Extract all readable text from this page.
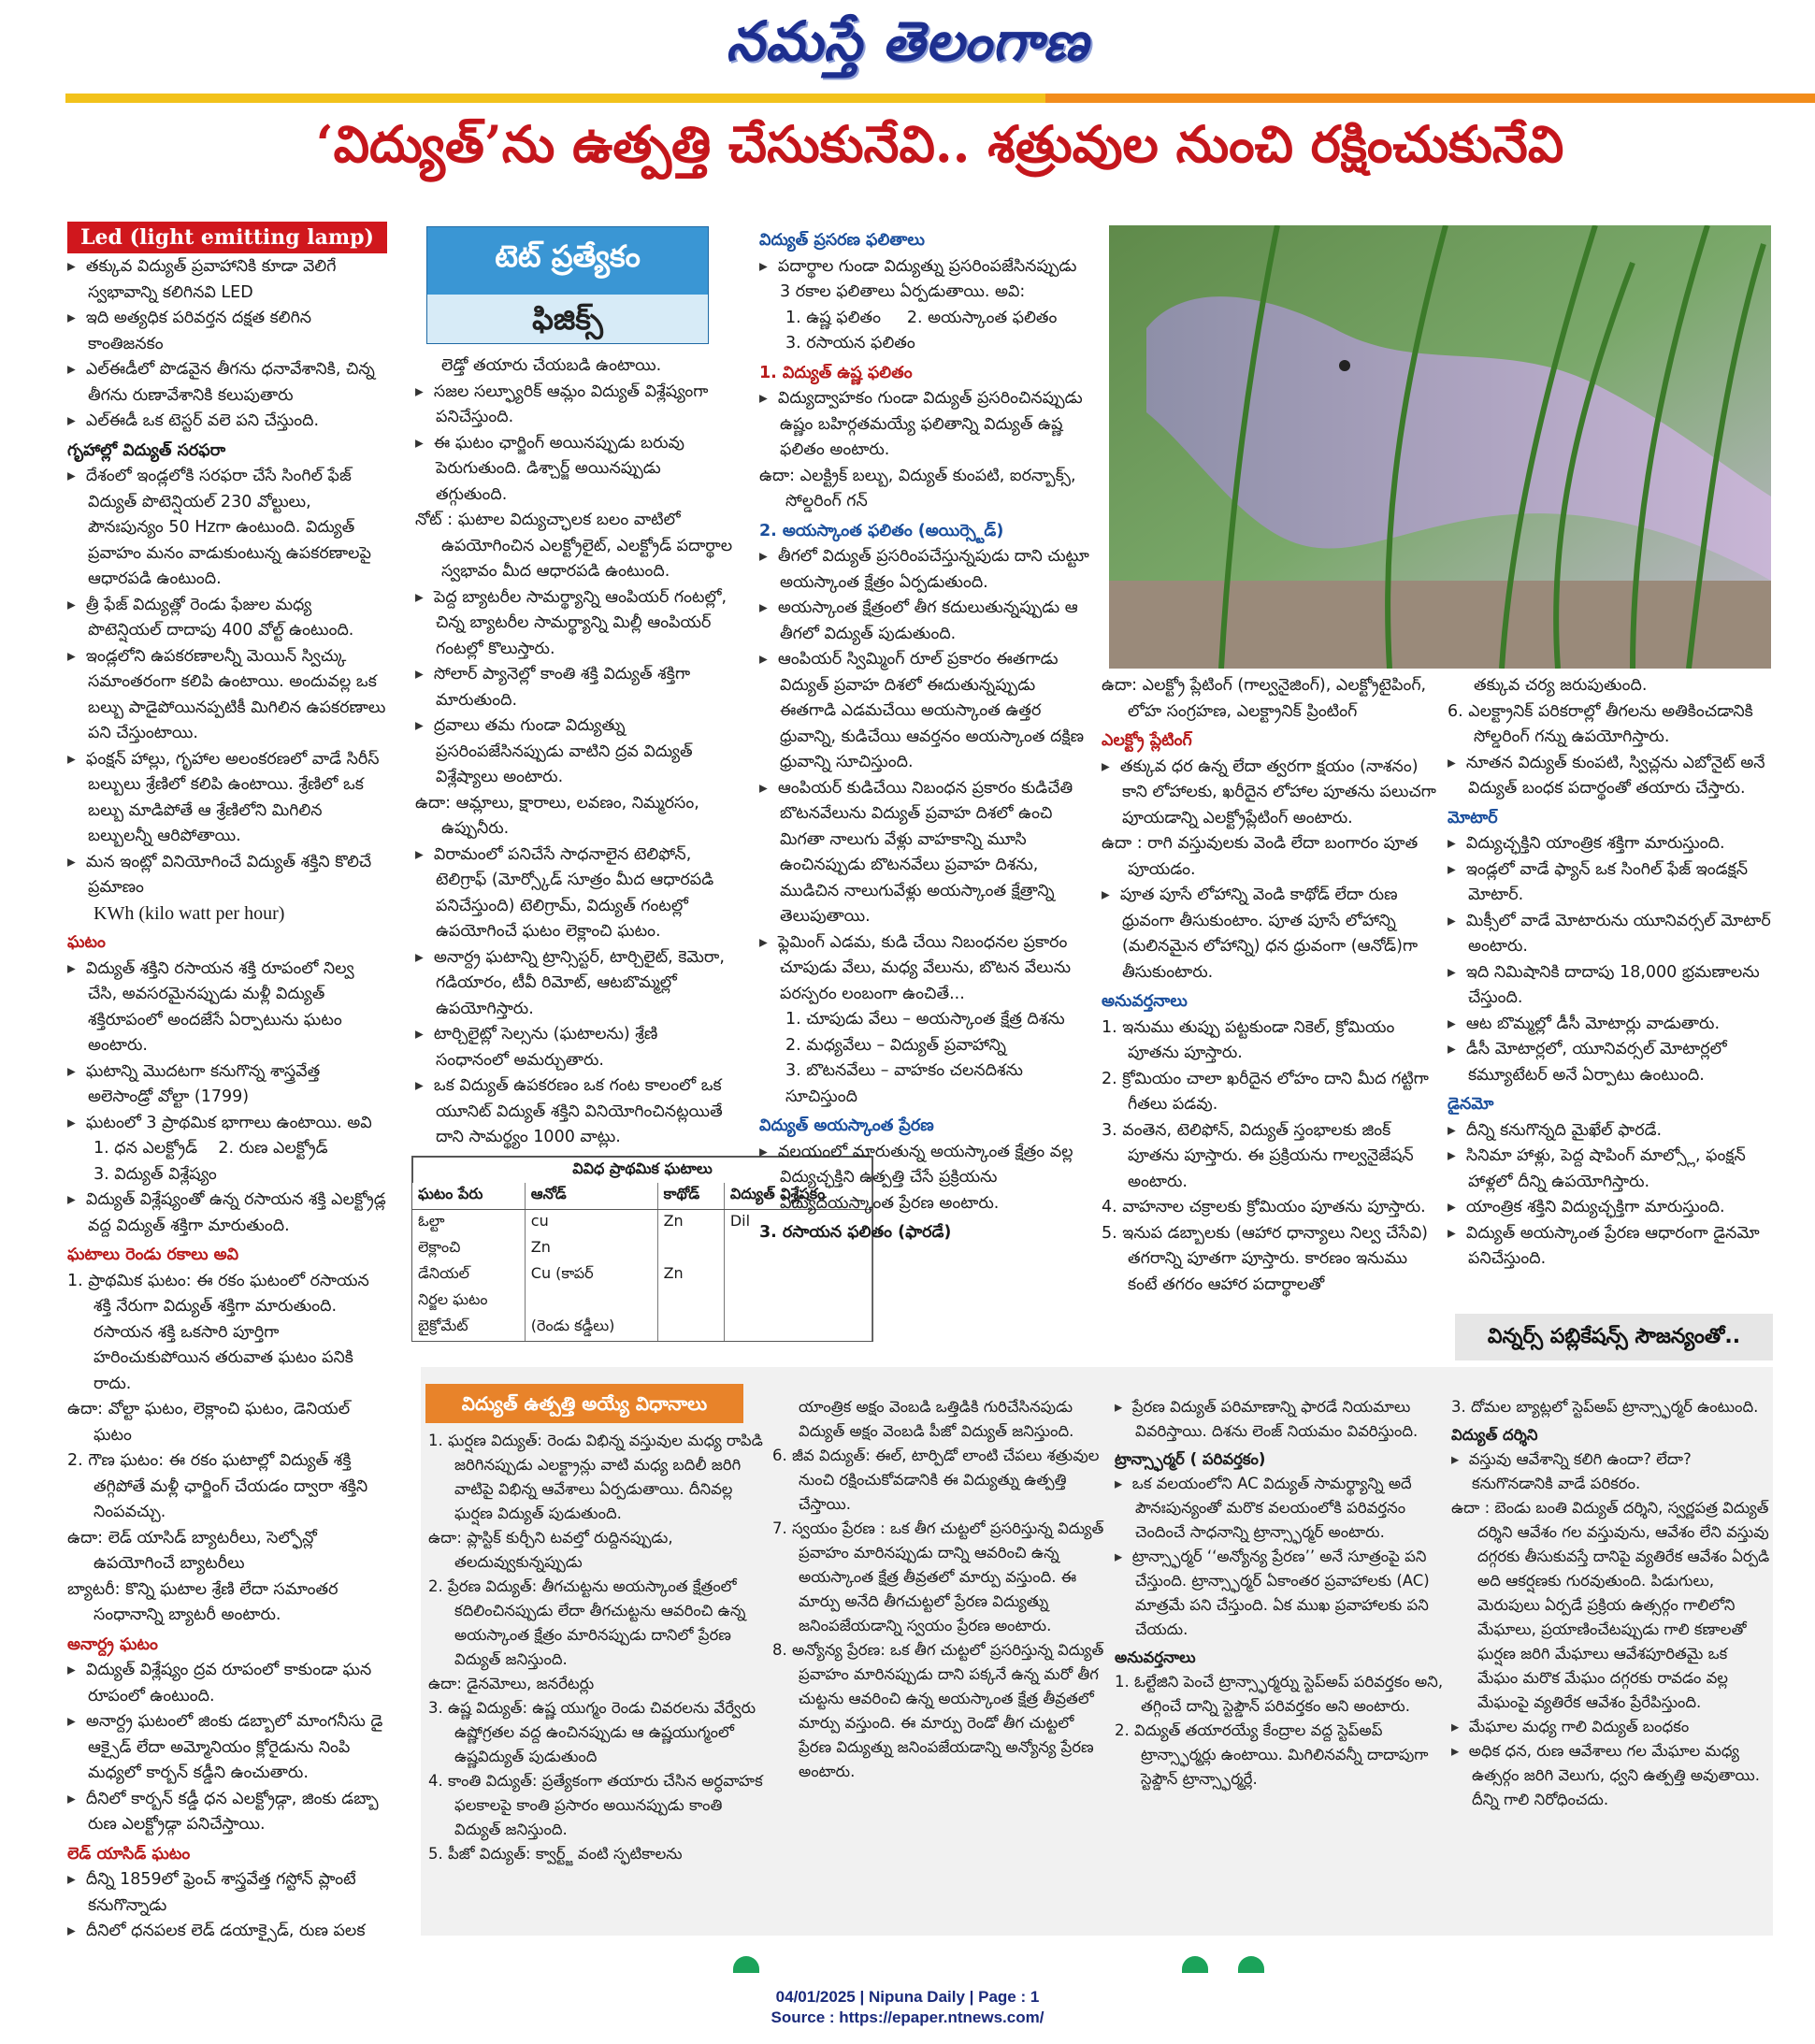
నమస్తే తెలంగాణ
‘విద్యుత్’ను ఉత్పత్తి చేసుకునేవి.. శత్రువుల నుంచి రక్షించుకునేవి
Led (light emitting lamp)
▸  తక్కువ విద్యుత్ ప్రవాహానికి కూడా వెలిగే స్వభావాన్ని కలిగినవి LED
▸  ఇది అత్యధిక పరివర్తన దక్షత కలిగిన కాంతిజనకం
▸  ఎల్ఈడీలో పొడవైన తీగను ధనావేశానికి, చిన్న తీగను రుణావేశానికి కలుపుతారు
▸  ఎల్ఈడీ ఒక టెస్టర్ వలె పని చేస్తుంది.
గృహాల్లో విద్యుత్ సరఫరా
▸  దేశంలో ఇండ్లలోకి సరఫరా చేసే సింగిల్ ఫేజ్ విద్యుత్ పొటెన్షియల్ 230 వోల్టులు, పౌనఃపున్యం 50 Hzగా ఉంటుంది. విద్యుత్ ప్రవాహం మనం వాడుకుంటున్న ఉపకరణాలపై ఆధారపడి ఉంటుంది.
▸  త్రీ ఫేజ్ విద్యుత్లో రెండు ఫేజుల మధ్య పొటెన్షియల్ దాదాపు 400 వోల్ట్ ఉంటుంది.
▸  ఇండ్లలోని ఉపకరణాలన్నీ మెయిన్ స్విచ్కు సమాంతరంగా కలిపి ఉంటాయి. అందువల్ల ఒక బల్బు పాడైపోయినప్పటికీ మిగిలిన ఉపకరణాలు పని చేస్తుంటాయి.
▸  ఫంక్షన్ హాల్లు, గృహాల అలంకరణలో వాడే సిరీస్ బల్బులు శ్రేణిలో కలిపి ఉంటాయి. శ్రేణిలో ఒక బల్బు మాడిపోతే ఆ శ్రేణిలోని మిగిలిన బల్బులన్నీ ఆరిపోతాయి.
▸  మన ఇంట్లో వినియోగించే విద్యుత్ శక్తిని కొలిచే ప్రమాణం
KWh (kilo watt per hour)
ఘటం
▸  విద్యుత్ శక్తిని రసాయన శక్తి రూపంలో నిల్వ చేసి, అవసరమైనప్పుడు మళ్లీ విద్యుత్ శక్తిరూపంలో అందజేసే ఏర్పాటును ఘటం అంటారు.
▸  ఘటాన్ని మొదటగా కనుగొన్న శాస్త్రవేత్త అలెసాండ్రో వోల్టా (1799)
▸  ఘటంలో 3 ప్రాథమిక భాగాలు ఉంటాయి. అవి
1. ధన ఎలక్ట్రోడ్ 2. రుణ ఎలక్ట్రోడ్
3. విద్యుత్ విశ్లేష్యం
▸  విద్యుత్ విశ్లేష్యంతో ఉన్న రసాయన శక్తి ఎలక్ట్రోడ్ల వద్ద విద్యుత్ శక్తిగా మారుతుంది.
ఘటాలు రెండు రకాలు అవి
1. ప్రాథమిక ఘటం: ఈ రకం ఘటంలో రసాయన శక్తి నేరుగా విద్యుత్ శక్తిగా మారుతుంది. రసాయన శక్తి ఒకసారి పూర్తిగా హరించుకుపోయిన తరువాత ఘటం పనికి రాదు.
ఉదా: వోల్టా ఘటం, లెక్లాంచి ఘటం, డెనియల్ ఘటం
2. గౌణ ఘటం: ఈ రకం ఘటాల్లో విద్యుత్ శక్తి తగ్గిపోతే మళ్లీ ఛార్జింగ్ చేయడం ద్వారా శక్తిని నింపవచ్చు.
ఉదా: లెడ్ యాసిడ్ బ్యాటరీలు, సెల్ఫోన్లో ఉపయోగించే బ్యాటరీలు
బ్యాటరీ: కొన్ని ఘటాల శ్రేణి లేదా సమాంతర సంధానాన్ని బ్యాటరీ అంటారు.
అనార్ద్ర ఘటం
▸  విద్యుత్ విశ్లేష్యం ద్రవ రూపంలో కాకుండా ఘన రూపంలో ఉంటుంది.
▸  అనార్ద్ర ఘటంలో జింకు డబ్బాలో మాంగనీసు డై ఆక్సైడ్ లేదా అమ్మోనియం క్లోరైడును నింపి మధ్యలో కార్బన్ కడ్డీని ఉంచుతారు.
▸  దీనిలో కార్బన్ కడ్డీ ధన ఎలక్ట్రోడ్గా, జింకు డబ్బా రుణ ఎలక్ట్రోడ్గా పనిచేస్తాయి.
లెడ్ యాసిడ్ ఘటం
▸  దీన్ని 1859లో ఫ్రెంచ్ శాస్త్రవేత్త గస్టోన్ ప్లాంటే కనుగొన్నాడు
▸  దీనిలో ధనపలక లెడ్ డయాక్సైడ్, రుణ పలక
టెట్ ప్రత్యేకం
ఫిజిక్స్
లెడ్తో తయారు చేయబడి ఉంటాయి.
▸  సజల సల్ఫ్యూరిక్ ఆమ్లం విద్యుత్ విశ్లేష్యంగా పనిచేస్తుంది.
▸  ఈ ఘటం ఛార్జింగ్ అయినప్పుడు బరువు పెరుగుతుంది. డిశ్చార్జ్ అయినప్పుడు తగ్గుతుంది.
నోట్ : ఘటాల విద్యుచ్ఛాలక బలం వాటిలో ఉపయోగించిన ఎలక్ట్రోలైట్, ఎలక్ట్రోడ్ పదార్థాల స్వభావం మీద ఆధారపడి ఉంటుంది.
▸  పెద్ద బ్యాటరీల సామర్థ్యాన్ని ఆంపియర్ గంటల్లో, చిన్న బ్యాటరీల సామర్థ్యాన్ని మిల్లీ ఆంపియర్ గంటల్లో కొలుస్తారు.
▸  సోలార్ ప్యానెల్లో కాంతి శక్తి విద్యుత్ శక్తిగా మారుతుంది.
▸  ద్రవాలు తమ గుండా విద్యుత్ను ప్రసరింపజేసినప్పుడు వాటిని ద్రవ విద్యుత్ విశ్లేష్యాలు అంటారు.
ఉదా: ఆమ్లాలు, క్షారాలు, లవణం, నిమ్మరసం, ఉప్పునీరు.
▸  విరామంలో పనిచేసే సాధనాలైన టెలిఫోన్, టెలిగ్రాఫ్ (మోర్స్కోడ్ సూత్రం మీద ఆధారపడి పనిచేస్తుంది) టెలిగ్రామ్, విద్యుత్ గంటల్లో ఉపయోగించే ఘటం లెక్లాంచి ఘటం.
▸  అనార్ద్ర ఘటాన్ని ట్రాన్సిస్టర్, టార్చిలైట్, కెమెరా, గడియారం, టీవీ రిమోట్, ఆటబొమ్మల్లో ఉపయోగిస్తారు.
▸  టార్చిలైట్లో సెల్సను (ఘటాలను) శ్రేణి సంధానంలో అమర్చుతారు.
▸  ఒక విద్యుత్ ఉపకరణం ఒక గంట కాలంలో ఒక యూనిట్ విద్యుత్ శక్తిని వినియోగించినట్లయితే దాని సామర్థ్యం 1000 వాట్లు.
వివిధ ప్రాథమిక ఘటాలు
ఘటం పేరు	ఆనోడ్	కాథోడ్	విద్యుత్ విశ్లేషకం
ఓల్టా	cu	Zn	Dil
లెక్లాంచి	Zn		
డేనియల్	Cu (కాపర్	Zn	
నిర్జల ఘటం			
బైక్రోమేట్	(రెండు కడ్డీలు)		
విద్యుత్ ప్రసరణ ఫలితాలు
▸  పదార్థాల గుండా విద్యుత్ను ప్రసరింపజేసినప్పుడు 3 రకాల ఫలితాలు ఏర్పడుతాయి. అవి:
1. ఉష్ణ ఫలితం 2. అయస్కాంత ఫలితం
3. రసాయన ఫలితం
1. విద్యుత్ ఉష్ణ ఫలితం
▸  విద్యుద్వాహకం గుండా విద్యుత్ ప్రసరించినప్పుడు ఉష్ణం బహిర్గతమయ్యే ఫలితాన్ని విద్యుత్ ఉష్ణ ఫలితం అంటారు.
ఉదా: ఎలక్ట్రిక్ బల్బు, విద్యుత్ కుంపటి, ఐరన్బాక్స్, సోల్డరింగ్ గన్
2. అయస్కాంత ఫలితం (అయిర్స్టెడ్)
▸  తీగలో విద్యుత్ ప్రసరింపచేస్తున్నపుడు దాని చుట్టూ అయస్కాంత క్షేత్రం ఏర్పడుతుంది.
▸  అయస్కాంత క్షేత్రంలో తీగ కదులుతున్నప్పుడు ఆ తీగలో విద్యుత్ పుడుతుంది.
▸  ఆంపియర్ స్విమ్మింగ్ రూల్ ప్రకారం ఈతగాడు విద్యుత్ ప్రవాహ దిశలో ఈదుతున్నప్పుడు ఈతగాడి ఎడమచేయి అయస్కాంత ఉత్తర ధ్రువాన్ని, కుడిచేయి ఆవర్తనం అయస్కాంత దక్షిణ ధ్రువాన్ని సూచిస్తుంది.
▸  ఆంపియర్ కుడిచేయి నిబంధన ప్రకారం కుడిచేతి బొటనవేలును విద్యుత్ ప్రవాహ దిశలో ఉంచి మిగతా నాలుగు వేళ్లు వాహకాన్ని మూసి ఉంచినప్పుడు బొటనవేలు ప్రవాహ దిశను, ముడిచిన నాలుగువేళ్లు అయస్కాంత క్షేత్రాన్ని తెలుపుతాయి.
▸  ఫ్లెమింగ్ ఎడమ, కుడి చేయి నిబంధనల ప్రకారం చూపుడు వేలు, మధ్య వేలును, బొటన వేలును పరస్పరం లంబంగా ఉంచితే...
1. చూపుడు వేలు – అయస్కాంత క్షేత్ర దిశను
2. మధ్యవేలు – విద్యుత్ ప్రవాహాన్ని
3. బొటనవేలు – వాహకం చలనదిశను సూచిస్తుంది
విద్యుత్ అయస్కాంత ప్రేరణ
▸  వలయంలో మారుతున్న అయస్కాంత క్షేత్రం వల్ల విద్యుచ్ఛక్తిని ఉత్పత్తి చేసే ప్రక్రియను విద్యుదయస్కాంత ప్రేరణ అంటారు.
3. రసాయన ఫలితం (ఫారడే)
ఉదా: ఎలక్ట్రో ప్లేటింగ్ (గాల్వనైజింగ్), ఎలక్ట్రోటైపింగ్, లోహ సంగ్రహణ, ఎలక్ట్రానిక్ ప్రింటింగ్
ఎలక్ట్రో ప్లేటింగ్
▸  తక్కువ ధర ఉన్న లేదా త్వరగా క్షయం (నాశనం) కాని లోహాలకు, ఖరీదైన లోహాల పూతను పలుచగా పూయడాన్ని ఎలక్ట్రోప్లేటింగ్ అంటారు.
ఉదా : రాగి వస్తువులకు వెండి లేదా బంగారం పూత పూయడం.
▸  పూత పూసే లోహాన్ని వెండి కాథోడ్ లేదా రుణ ధ్రువంగా తీసుకుంటాం. పూత పూసే లోహాన్ని (మలినమైన లోహాన్ని) ధన ధ్రువంగా (ఆనోడ్)గా తీసుకుంటారు.
అనువర్తనాలు
1. ఇనుము తుప్పు పట్టకుండా నికెల్, క్రోమియం పూతను పూస్తారు.
2. క్రోమియం చాలా ఖరీదైన లోహం దాని మీద గట్టిగా గీతలు పడవు.
3. వంతెన, టెలిఫోన్, విద్యుత్ స్తంభాలకు జింక్ పూతను పూస్తారు. ఈ ప్రక్రియను గాల్వనైజేషన్ అంటారు.
4. వాహనాల చక్రాలకు క్రోమియం పూతను పూస్తారు.
5. ఇనుప డబ్బాలకు (ఆహార ధాన్యాలు నిల్వ చేసేవి) తగరాన్ని పూతగా పూస్తారు. కారణం ఇనుము కంటే తగరం ఆహార పదార్థాలతో
తక్కువ చర్య జరుపుతుంది.
6. ఎలక్ట్రానిక్ పరికరాల్లో తీగలను అతికించడానికి సోల్డరింగ్ గన్ను ఉపయోగిస్తారు.
▸  నూతన విద్యుత్ కుంపటి, స్విచ్లను ఎబోనైట్ అనే విద్యుత్ బంధక పదార్థంతో తయారు చేస్తారు.
మోటార్
▸  విద్యుచ్ఛక్తిని యాంత్రిక శక్తిగా మారుస్తుంది.
▸  ఇండ్లలో వాడే ఫ్యాన్ ఒక సింగిల్ ఫేజ్ ఇండక్షన్ మోటార్.
▸  మిక్సీలో వాడే మోటారును యూనివర్సల్ మోటార్ అంటారు.
▸  ఇది నిమిషానికి దాదాపు 18,000 భ్రమణాలను చేస్తుంది.
▸  ఆట బొమ్మల్లో డీసీ మోటార్లు వాడుతారు.
▸  డీసీ మోటార్లలో, యూనివర్సల్ మోటార్లలో కమ్యూటేటర్ అనే ఏర్పాటు ఉంటుంది.
డైనమో
▸  దీన్ని కనుగొన్నది మైఖేల్ ఫారడే.
▸  సినిమా హాళ్లు, పెద్ద షాపింగ్ మాల్స్లో, ఫంక్షన్ హాళ్లలో దీన్ని ఉపయోగిస్తారు.
▸  యాంత్రిక శక్తిని విద్యుచ్ఛక్తిగా మారుస్తుంది.
▸  విద్యుత్ అయస్కాంత ప్రేరణ ఆధారంగా డైనమో పనిచేస్తుంది.
విన్నర్స్ పబ్లికేషన్స్ సౌజన్యంతో..
విద్యుత్ ఉత్పత్తి అయ్యే విధానాలు
1. ఘర్షణ విద్యుత్: రెండు విభిన్న వస్తువుల మధ్య రాపిడి జరిగినప్పుడు ఎలక్ట్రాన్లు వాటి మధ్య బదిలీ జరిగి వాటిపై విభిన్న ఆవేశాలు ఏర్పడుతాయి. దీనివల్ల ఘర్షణ విద్యుత్ పుడుతుంది.
ఉదా: ప్లాస్టిక్ కుర్చీని టవల్తో రుద్దినప్పుడు, తలదువ్వుకున్నప్పుడు
2. ప్రేరణ విద్యుత్: తీగచుట్టను అయస్కాంత క్షేత్రంలో కదిలించినప్పుడు లేదా తీగచుట్టను ఆవరించి ఉన్న అయస్కాంత క్షేత్రం మారినప్పుడు దానిలో ప్రేరణ విద్యుత్ జనిస్తుంది.
ఉదా: డైనమోలు, జనరేటర్లు
3. ఉష్ణ విద్యుత్: ఉష్ణ యుగ్మం రెండు చివరలను వేర్వేరు ఉష్ణోగ్రతల వద్ద ఉంచినప్పుడు ఆ ఉష్ణయుగ్మంలో ఉష్ణవిద్యుత్ పుడుతుంది
4. కాంతి విద్యుత్: ప్రత్యేకంగా తయారు చేసిన అర్ధవాహక ఫలకాలపై కాంతి ప్రసారం అయినప్పుడు కాంతి విద్యుత్ జనిస్తుంది.
5. పీజో విద్యుత్: క్వార్ట్జ్ వంటి స్ఫటికాలను
యాంత్రిక అక్షం వెంబడి ఒత్తిడికి గురిచేసినపుడు విద్యుత్ అక్షం వెంబడి పీజో విద్యుత్ జనిస్తుంది.
6. జీవ విద్యుత్: ఈల్, టార్పిడో లాంటి చేపలు శత్రువుల నుంచి రక్షించుకోవడానికి ఈ విద్యుత్ను ఉత్పత్తి చేస్తాయి.
7. స్వయం ప్రేరణ : ఒక తీగ చుట్టలో ప్రసరిస్తున్న విద్యుత్ ప్రవాహం మారినప్పుడు దాన్ని ఆవరించి ఉన్న అయస్కాంత క్షేత్ర తీవ్రతలో మార్పు వస్తుంది. ఈ మార్పు అనేది తీగచుట్టలో ప్రేరణ విద్యుత్ను జనింపజేయడాన్ని స్వయం ప్రేరణ అంటారు.
8. అన్యోన్య ప్రేరణ: ఒక తీగ చుట్టలో ప్రసరిస్తున్న విద్యుత్ ప్రవాహం మారినప్పుడు దాని పక్కనే ఉన్న మరో తీగ చుట్టను ఆవరించి ఉన్న అయస్కాంత క్షేత్ర తీవ్రతలో మార్పు వస్తుంది. ఈ మార్పు రెండో తీగ చుట్టలో ప్రేరణ విద్యుత్ను జనింపజేయడాన్ని అన్యోన్య ప్రేరణ అంటారు.
▸  ప్రేరణ విద్యుత్ పరిమాణాన్ని ఫారడే నియమాలు వివరిస్తాయి. దిశను లెంజ్ నియమం వివరిస్తుంది.
ట్రాన్స్ఫార్మర్ ( పరివర్తకం)
▸  ఒక వలయంలోని AC విద్యుత్ సామర్థ్యాన్ని అదే పౌనఃపున్యంతో మరొక వలయంలోకి పరివర్తనం చెందించే సాధనాన్ని ట్రాన్స్ఫార్మర్ అంటారు.
▸  ట్రాన్స్ఫార్మర్ ‘‘అన్యోన్య ప్రేరణ’’ అనే సూత్రంపై పని చేస్తుంది. ట్రాన్స్ఫార్మర్ ఏకాంతర ప్రవాహాలకు (AC) మాత్రమే పని చేస్తుంది. ఏక ముఖ ప్రవాహాలకు పని చేయదు.
అనువర్తనాలు
1. ఓల్టేజిని పెంచే ట్రాన్స్ఫార్మర్ను స్టెప్అప్ పరివర్తకం అని, తగ్గించే దాన్ని స్టెప్డౌన్ పరివర్తకం అని అంటారు.
2. విద్యుత్ తయారయ్యే కేంద్రాల వద్ద స్టెప్అప్ ట్రాన్స్ఫార్మర్లు ఉంటాయి. మిగిలినవన్నీ దాదాపుగా స్టెప్డౌన్ ట్రాన్స్ఫార్మర్లే.
3. దోమల బ్యాట్లలో స్టెప్అప్ ట్రాన్స్ఫార్మర్ ఉంటుంది.
విద్యుత్ దర్శిని
▸  వస్తువు ఆవేశాన్ని కలిగి ఉందా? లేదా? కనుగొనడానికి వాడే పరికరం.
ఉదా : బెండు బంతి విద్యుత్ దర్శిని, స్వర్ణపత్ర విద్యుత్ దర్శిని ఆవేశం గల వస్తువును, ఆవేశం లేని వస్తువు దగ్గరకు తీసుకువస్తే దానిపై వ్యతిరేక ఆవేశం ఏర్పడి అది ఆకర్షణకు గురవుతుంది. పిడుగులు, మెరుపులు ఏర్పడే ప్రక్రియ ఉత్సర్గం గాలిలోని మేఘాలు, ప్రయాణించేటప్పుడు గాలి కణాలతో ఘర్షణ జరిగి మేఘాలు ఆవేశపూరితమై ఒక మేఘం మరొక మేఘం దగ్గరకు రావడం వల్ల మేఘంపై వ్యతిరేక ఆవేశం ప్రేరేపిస్తుంది.
▸  మేఘాల మధ్య గాలి విద్యుత్ బంధకం
▸  అధిక ధన, రుణ ఆవేశాలు గల మేఘాల మధ్య ఉత్సర్గం జరిగి వెలుగు, ధ్వని ఉత్పత్తి అవుతాయి. దీన్ని గాలి నిరోధించదు.
04/01/2025 | Nipuna Daily | Page : 1
Source : https://epaper.ntnews.com/
